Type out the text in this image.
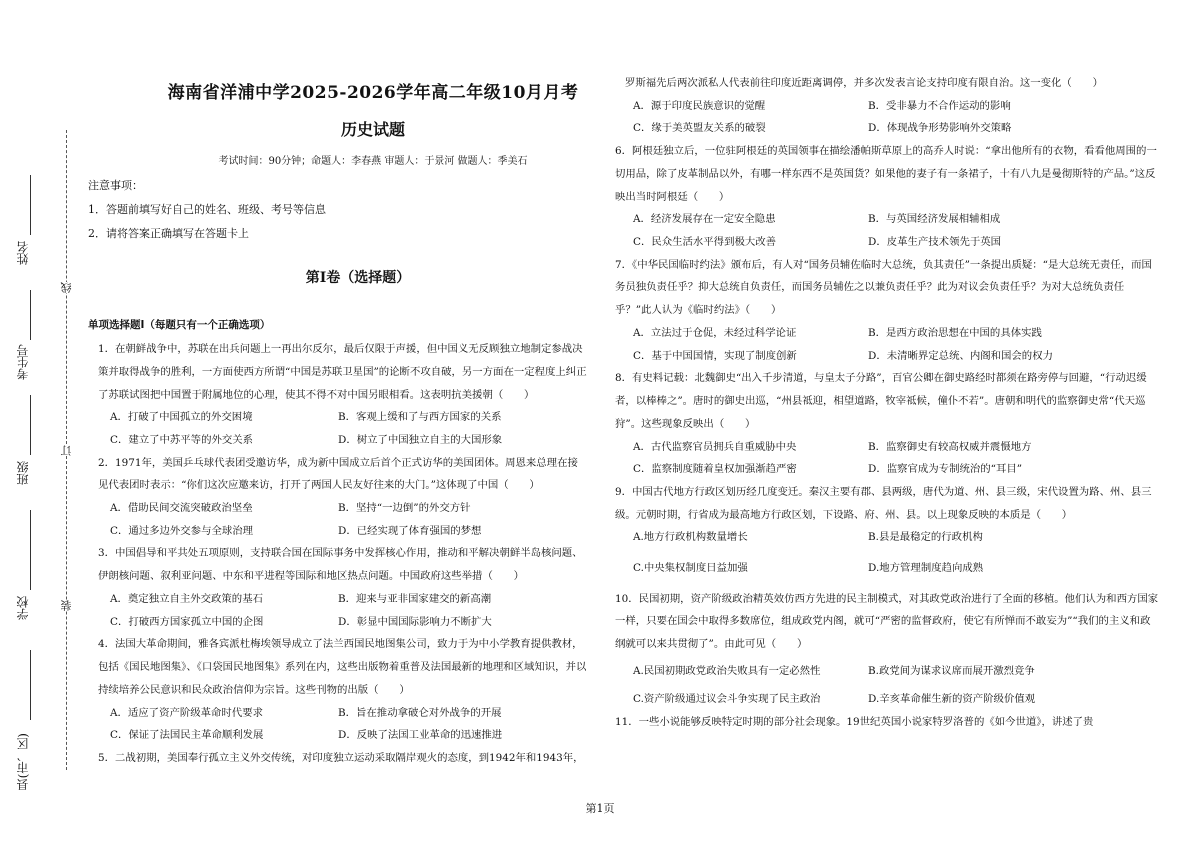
装
订
线
县(市、区)
学校
班级
考生号
姓名
海南省洋浦中学2025-2026学年高二年级10月月考
历史试题
考试时间：90分钟；命题人：李春燕 审题人：于景河 做题人：季美石
注意事项：
1．答题前填写好自己的姓名、班级、考号等信息
2．请将答案正确填写在答题卡上
第I卷（选择题）
单项选择题Ⅰ（每题只有一个正确选项）
1．在朝鲜战争中，苏联在出兵问题上一再出尔反尔，最后仅限于声援，但中国义无反顾独立地制定参战决策并取得战争的胜利，一方面使西方所谓“中国是苏联卫星国”的论断不攻自破，另一方面在一定程度上纠正了苏联试图把中国置于附属地位的心理，使其不得不对中国另眼相看。这表明抗美援朝（　　）
A．打破了中国孤立的外交困境	B．客观上缓和了与西方国家的关系
C．建立了中苏平等的外交关系	D．树立了中国独立自主的大国形象
2．1971年，美国乒乓球代表团受邀访华，成为新中国成立后首个正式访华的美国团体。周恩来总理在接见代表团时表示：“你们这次应邀来访，打开了两国人民友好往来的大门。”这体现了中国（　　）
A．借助民间交流突破政治坚垒	B．坚持“一边倒”的外交方针
C．通过多边外交参与全球治理	D．已经实现了体育强国的梦想
3．中国倡导和平共处五项原则，支持联合国在国际事务中发挥核心作用，推动和平解决朝鲜半岛核问题、伊朗核问题、叙利亚问题、中东和平进程等国际和地区热点问题。中国政府这些举措（　　）
A．奠定独立自主外交政策的基石	B．迎来与亚非国家建交的新高潮
C．打破西方国家孤立中国的企图	D．彰显中国国际影响力不断扩大
4．法国大革命期间，雅各宾派杜梅埃领导成立了法兰西国民地图集公司，致力于为中小学教育提供教材，包括《国民地图集》、《口袋国民地图集》系列在内，这些出版物着重普及法国最新的地理和区域知识，并以持续培养公民意识和民众政治信仰为宗旨。这些刊物的出版（　　）
A．适应了资产阶级革命时代要求	B．旨在推动拿破仑对外战争的开展
C．保证了法国民主革命顺利发展	D．反映了法国工业革命的迅速推进
5．二战初期，美国奉行孤立主义外交传统，对印度独立运动采取隔岸观火的态度，到1942年和1943年，
罗斯福先后两次派私人代表前往印度近距离调停，并多次发表言论支持印度有限自治。这一变化（　　）
A．源于印度民族意识的觉醒	B．受非暴力不合作运动的影响
C．缘于美英盟友关系的破裂	D．体现战争形势影响外交策略
6．阿根廷独立后，一位驻阿根廷的英国领事在描绘潘帕斯草原上的高乔人时说：“拿出他所有的衣物，看看他周围的一切用品，除了皮革制品以外，有哪一样东西不是英国货？如果他的妻子有一条裙子，十有八九是曼彻斯特的产品。”这反映出当时阿根廷（　　）
A．经济发展存在一定安全隐患	B．与英国经济发展相辅相成
C．民众生活水平得到极大改善	D．皮革生产技术领先于英国
7．《中华民国临时约法》颁布后，有人对“国务员辅佐临时大总统，负其责任”一条提出质疑：“是大总统无责任，而国务员独负责任乎？抑大总统自负责任，而国务员辅佐之以兼负责任乎？此为对议会负责任乎？为对大总统负责任乎？”此人认为《临时约法》（　　）
A．立法过于仓促，未经过科学论证	B．是西方政治思想在中国的具体实践
C．基于中国国情，实现了制度创新	D．未清晰界定总统、内阁和国会的权力
8．有史料记载：北魏御史“出入千步清道，与皇太子分路”，百官公卿在御史路经时都须在路旁停与回避，“行动迟缓者，以棒棒之”。唐时的御史出巡，“州县祗迎，相望道路，牧宰祗候，僮仆不若”。唐朝和明代的监察御史常“代天巡狩”。这些现象反映出（　　）
A．古代监察官员拥兵自重威胁中央	B．监察御史有较高权威并震慑地方
C．监察制度随着皇权加强渐趋严密	D．监察官成为专制统治的“耳目”
9．中国古代地方行政区划历经几度变迁。秦汉主要有郡、县两级，唐代为道、州、县三级，宋代设置为路、州、县三级。元朝时期，行省成为最高地方行政区划，下设路、府、州、县。以上现象反映的本质是（　　）
A.地方行政机构数量增长	B.县是最稳定的行政机构
C.中央集权制度日益加强	D.地方管理制度趋向成熟
10．民国初期，资产阶级政治精英效仿西方先进的民主制模式，对其政党政治进行了全面的移植。他们认为和西方国家一样，只要在国会中取得多数席位，组成政党内阁，就可“严密的监督政府，使它有所惮而不敢妄为”“我们的主义和政纲就可以来共贯彻了”。由此可见（　　）
A.民国初期政党政治失败具有一定必然性	B.政党间为谋求议席而展开激烈竞争
C.资产阶级通过议会斗争实现了民主政治	D.辛亥革命催生新的资产阶级价值观
11．一些小说能够反映特定时期的部分社会现象。19世纪英国小说家特罗洛普的《如今世道》，讲述了贵
第1页
